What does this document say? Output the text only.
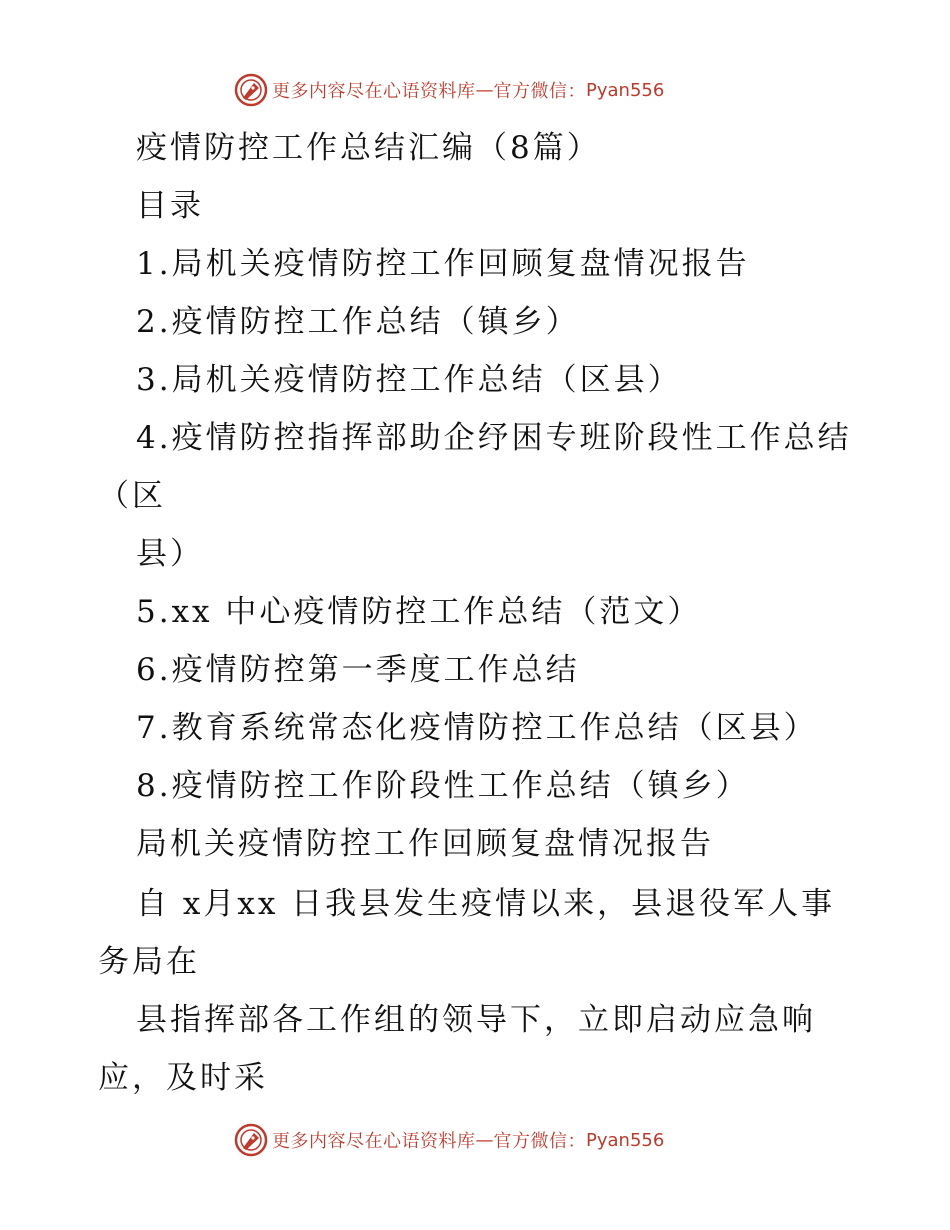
更多内容尽在心语资料库 — 官方微信： Pyan556
疫情防控工作总结汇编（8篇）
目录
1.局机关疫情防控工作回顾复盘情况报告
2.疫情防控工作总结（镇乡）
3.局机关疫情防控工作总结（区县）
4.疫情防控指挥部助企纾困专班阶段性工作总结
（区
县）
5.xx 中心疫情防控工作总结（范文）
6.疫情防控第一季度工作总结
7.教育系统常态化疫情防控工作总结（区县）
8.疫情防控工作阶段性工作总结（镇乡）
局机关疫情防控工作回顾复盘情况报告
自 x月xx 日我县发生疫情以来，县退役军人事
务局在
县指挥部各工作组的领导下，立即启动应急响
应，及时采
更多内容尽在心语资料库 — 官方微信： Pyan556
